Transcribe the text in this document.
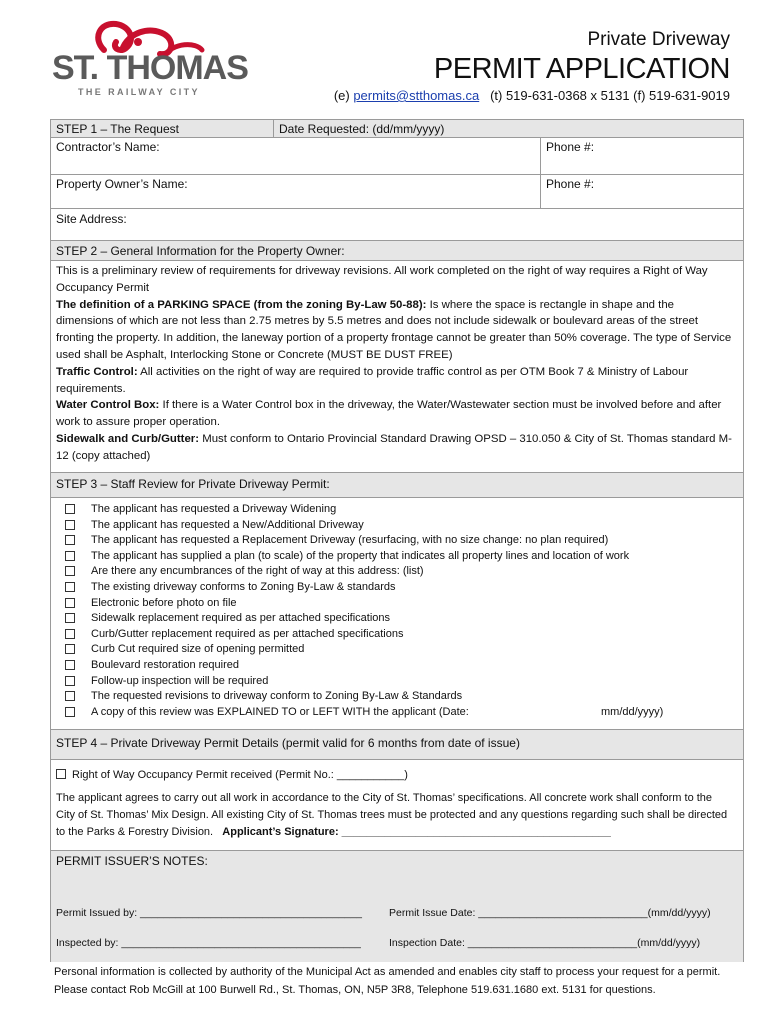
ST. THOMAS
THE RAILWAY CITY
Private Driveway
PERMIT APPLICATION
(e) permits@stthomas.ca (t) 519-631-0368 x 5131 (f) 519-631-9019
STEP 1 – The Request	Date Requested: (dd/mm/yyyy)
Contractor’s Name:	Phone #:
Property Owner’s Name:	Phone #:
Site Address:
STEP 2 – General Information for the Property Owner:
This is a preliminary review of requirements for driveway revisions. All work completed on the right of way requires a Right of Way Occupancy Permit
The definition of a PARKING SPACE (from the zoning By-Law 50-88): Is where the space is rectangle in shape and the dimensions of which are not less than 2.75 metres by 5.5 metres and does not include sidewalk or boulevard areas of the street fronting the property. In addition, the laneway portion of a property frontage cannot be greater than 50% coverage. The type of Service used shall be Asphalt, Interlocking Stone or Concrete (MUST BE DUST FREE)
Traffic Control: All activities on the right of way are required to provide traffic control as per OTM Book 7 & Ministry of Labour requirements.
Water Control Box: If there is a Water Control box in the driveway, the Water/Wastewater section must be involved before and after work to assure proper operation.
Sidewalk and Curb/Gutter: Must conform to Ontario Provincial Standard Drawing OPSD – 310.050 & City of St. Thomas standard M-12 (copy attached)
STEP 3 – Staff Review for Private Driveway Permit:
The applicant has requested a Driveway Widening
The applicant has requested a New/Additional Driveway
The applicant has requested a Replacement Driveway (resurfacing, with no size change: no plan required)
The applicant has supplied a plan (to scale) of the property that indicates all property lines and location of work
Are there any encumbrances of the right of way at this address: (list)
The existing driveway conforms to Zoning By-Law & standards
Electronic before photo on file
Sidewalk replacement required as per attached specifications
Curb/Gutter replacement required as per attached specifications
Curb Cut required size of opening permitted
Boulevard restoration required
Follow-up inspection will be required
The requested revisions to driveway conform to Zoning By-Law & Standards
A copy of this review was EXPLAINED TO or LEFT WITH the applicant (Date:	mm/dd/yyyy)
STEP 4 – Private Driveway Permit Details (permit valid for 6 months from date of issue)
Right of Way Occupancy Permit received (Permit No.: ___________)
The applicant agrees to carry out all work in accordance to the City of St. Thomas’ specifications. All concrete work shall conform to the City of St. Thomas’ Mix Design. All existing City of St. Thomas trees must be protected and any questions regarding such shall be directed to the Parks & Forestry Division. Applicant’s Signature: ____________________________________________
PERMIT ISSUER’S NOTES:
Permit Issued by: ______________________________________	Permit Issue Date: _____________________________(mm/dd/yyyy)
Inspected by: _________________________________________	Inspection Date: _____________________________(mm/dd/yyyy)
Personal information is collected by authority of the Municipal Act as amended and enables city staff to process your request for a permit. Please contact Rob McGill at 100 Burwell Rd., St. Thomas, ON, N5P 3R8, Telephone 519.631.1680 ext. 5131 for questions.
